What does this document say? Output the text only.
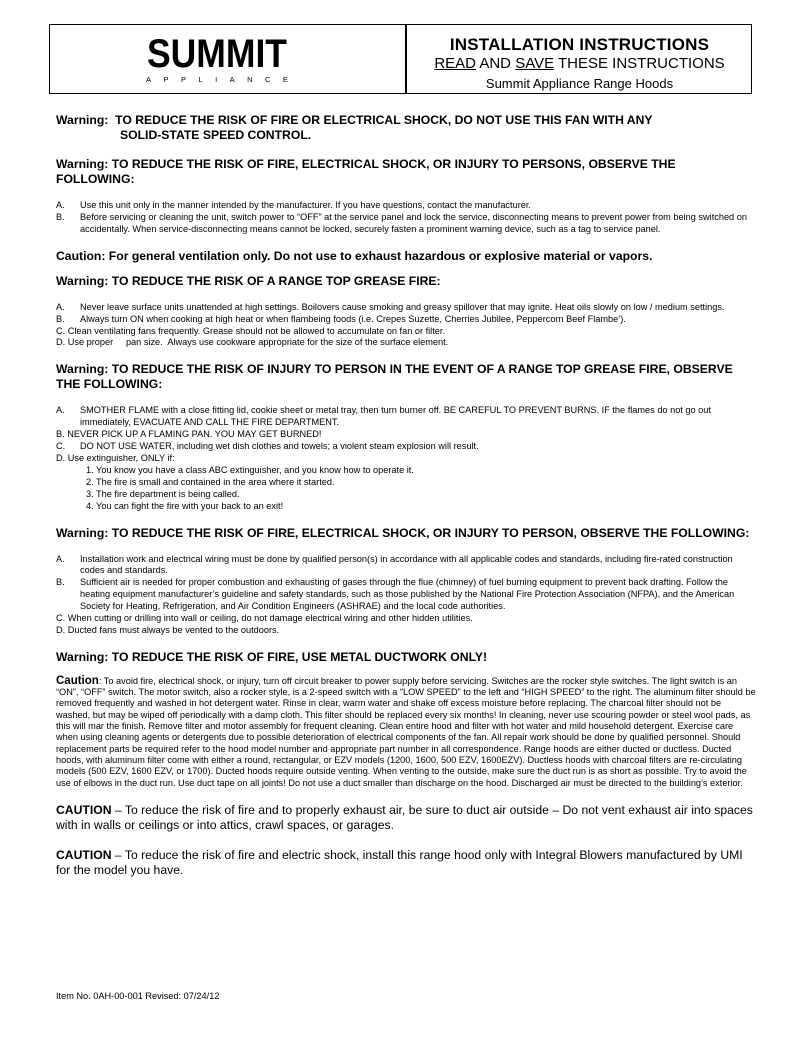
SUMMIT
A P P L I A N C E
INSTALLATION INSTRUCTIONS
READ AND SAVE THESE INSTRUCTIONS
Summit Appliance Range Hoods
Warning: TO REDUCE THE RISK OF FIRE OR ELECTRICAL SHOCK, DO NOT USE THIS FAN WITH ANY
SOLID-STATE SPEED CONTROL.
Warning: TO REDUCE THE RISK OF FIRE, ELECTRICAL SHOCK, OR INJURY TO PERSONS, OBSERVE THE FOLLOWING:
A. Use this unit only in the manner intended by the manufacturer. If you have questions, contact the manufacturer.
B. Before servicing or cleaning the unit, switch power to “OFF” at the service panel and lock the service, disconnecting means to prevent power from being switched on accidentally. When service-disconnecting means cannot be locked, securely fasten a prominent warning device, such as a tag to service panel.
Caution: For general ventilation only. Do not use to exhaust hazardous or explosive material or vapors.
Warning: TO REDUCE THE RISK OF A RANGE TOP GREASE FIRE:
A. Never leave surface units unattended at high settings. Boilovers cause smoking and greasy spillover that may ignite. Heat oils slowly on low / medium settings.
B. Always turn ON when cooking at high heat or when flambeing foods (i.e. Crepes Suzette, Cherries Jubilee, Peppercorn Beef Flambe’).
C. Clean ventilating fans frequently. Grease should not be allowed to accumulate on fan or filter.
D. Use proper     pan size.  Always use cookware appropriate for the size of the surface element.
Warning: TO REDUCE THE RISK OF INJURY TO PERSON IN THE EVENT OF A RANGE TOP GREASE FIRE, OBSERVE THE FOLLOWING:
A. SMOTHER FLAME with a close fitting lid, cookie sheet or metal tray, then turn burner off. BE CAREFUL TO PREVENT BURNS. IF the flames do not go out immediately, EVACUATE AND CALL THE FIRE DEPARTMENT.
B. NEVER PICK UP A FLAMING PAN. YOU MAY GET BURNED!
C. DO NOT USE WATER, including wet dish clothes and towels; a violent steam explosion will result.
D. Use extinguisher, ONLY if:
1. You know you have a class ABC extinguisher, and you know how to operate it.
2. The fire is small and contained in the area where it started.
3. The fire department is being called.
4. You can fight the fire with your back to an exit!
Warning: TO REDUCE THE RISK OF FIRE, ELECTRICAL SHOCK, OR INJURY TO PERSON, OBSERVE THE FOLLOWING:
A. Installation work and electrical wiring must be done by qualified person(s) in accordance with all applicable codes and standards, including fire-rated construction codes and standards.
B. Sufficient air is needed for proper combustion and exhausting of gases through the flue (chimney) of fuel burning equipment to prevent back drafting. Follow the heating equipment manufacturer’s guideline and safety standards, such as those published by the National Fire Protection Association (NFPA), and the American Society for Heating, Refrigeration, and Air Condition Engineers (ASHRAE) and the local code authorities.
C. When cutting or drilling into wall or ceiling, do not damage electrical wiring and other hidden utilities.
D. Ducted fans must always be vented to the outdoors.
Warning: TO REDUCE THE RISK OF FIRE, USE METAL DUCTWORK ONLY!
Caution: To avoid fire, electrical shock, or injury, turn off circuit breaker to power supply before servicing. Switches are the rocker style switches. The light switch is an “ON”, “OFF” switch. The motor switch, also a rocker style, is a 2-speed switch with a “LOW SPEED” to the left and “HIGH SPEED” to the right. The aluminum filter should be removed frequently and washed in hot detergent water. Rinse in clear, warm water and shake off excess moisture before replacing. The charcoal filter should not be washed, but may be wiped off periodically with a damp cloth. This filter should be replaced every six months! In cleaning, never use scouring powder or steel wool pads, as this will mar the finish. Remove filter and motor assembly for frequent cleaning. Clean entire hood and filter with hot water and mild household detergent. Exercise care when using cleaning agents or detergents due to possible deterioration of electrical components of the fan. All repair work should be done by qualified personnel. Should replacement parts be required refer to the hood model number and appropriate part number in all correspondence. Range hoods are either ducted or ductless. Ducted hoods, with aluminum filter come with either a round, rectangular, or EZV models (1200, 1600, 500 EZV, 1600EZV). Ductless hoods with charcoal filters are re-circulating models (500 EZV, 1600 EZV, or 1700). Ducted hoods require outside venting. When venting to the outside, make sure the duct run is as short as possible. Try to avoid the use of elbows in the duct run. Use duct tape on all joints! Do not use a duct smaller than discharge on the hood. Discharged air must be directed to the building’s exterior.
CAUTION – To reduce the risk of fire and to properly exhaust air, be sure to duct air outside – Do not vent exhaust air into spaces with in walls or ceilings or into attics, crawl spaces, or garages.
CAUTION – To reduce the risk of fire and electric shock, install this range hood only with Integral Blowers manufactured by UMI for the model you have.
Item No. 0AH-00-001 Revised: 07/24/12
